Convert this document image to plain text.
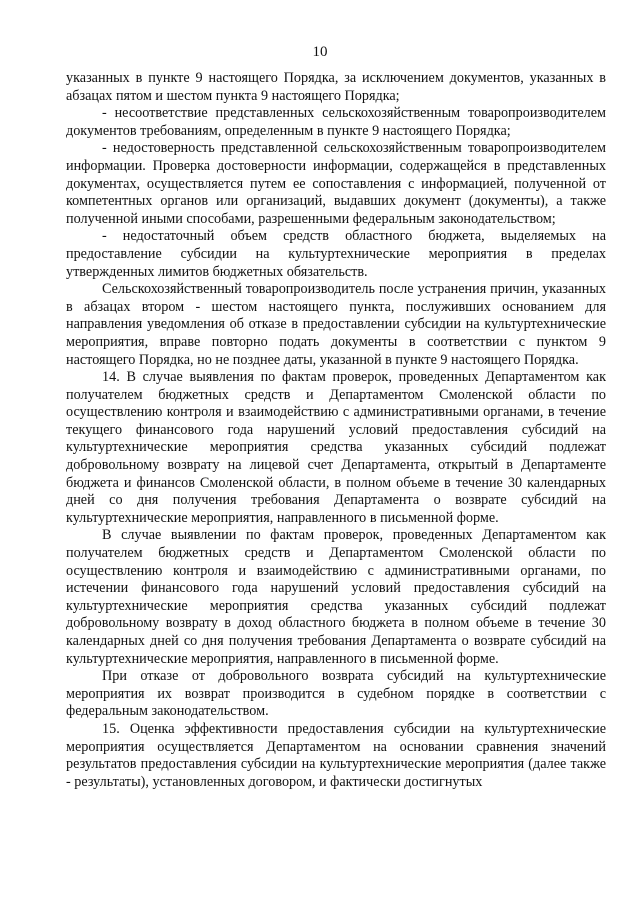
10

указанных в пункте 9 настоящего Порядка, за исключением документов, указанных в абзацах пятом и шестом пункта 9 настоящего Порядка;

- несоответствие представленных сельскохозяйственным товаропроизводителем документов требованиям, определенным в пункте 9 настоящего Порядка;

- недостоверность представленной сельскохозяйственным товаропроизводителем информации. Проверка достоверности информации, содержащейся в представленных документах, осуществляется путем ее сопоставления с информацией, полученной от компетентных органов или организаций, выдавших документ (документы), а также полученной иными способами, разрешенными федеральным законодательством;

- недостаточный объем средств областного бюджета, выделяемых на предоставление субсидии на культуртехнические мероприятия в пределах утвержденных лимитов бюджетных обязательств.

Сельскохозяйственный товаропроизводитель после устранения причин, указанных в абзацах втором - шестом настоящего пункта, послуживших основанием для направления уведомления об отказе в предоставлении субсидии на культуртехнические мероприятия, вправе повторно подать документы в соответствии с пунктом 9 настоящего Порядка, но не позднее даты, указанной в пункте 9 настоящего Порядка.

14. В случае выявления по фактам проверок, проведенных Департаментом как получателем бюджетных средств и Департаментом Смоленской области по осуществлению контроля и взаимодействию с административными органами, в течение текущего финансового года нарушений условий предоставления субсидий на культуртехнические мероприятия средства указанных субсидий подлежат добровольному возврату на лицевой счет Департамента, открытый в Департаменте бюджета и финансов Смоленской области, в полном объеме в течение 30 календарных дней со дня получения требования Департамента о возврате субсидий на культуртехнические мероприятия, направленного в письменной форме.

В случае выявлении по фактам проверок, проведенных Департаментом как получателем бюджетных средств и Департаментом Смоленской области по осуществлению контроля и взаимодействию с административными органами, по истечении финансового года нарушений условий предоставления субсидий на культуртехнические мероприятия средства указанных субсидий подлежат добровольному возврату в доход областного бюджета в полном объеме в течение 30 календарных дней со дня получения требования Департамента о возврате субсидий на культуртехнические мероприятия, направленного в письменной форме.

При отказе от добровольного возврата субсидий на культуртехнические мероприятия их возврат производится в судебном порядке в соответствии с федеральным законодательством.

15. Оценка эффективности предоставления субсидии на культуртехнические мероприятия осуществляется Департаментом на основании сравнения значений результатов предоставления субсидии на культуртехнические мероприятия (далее также - результаты), установленных договором, и фактически достигнутых
